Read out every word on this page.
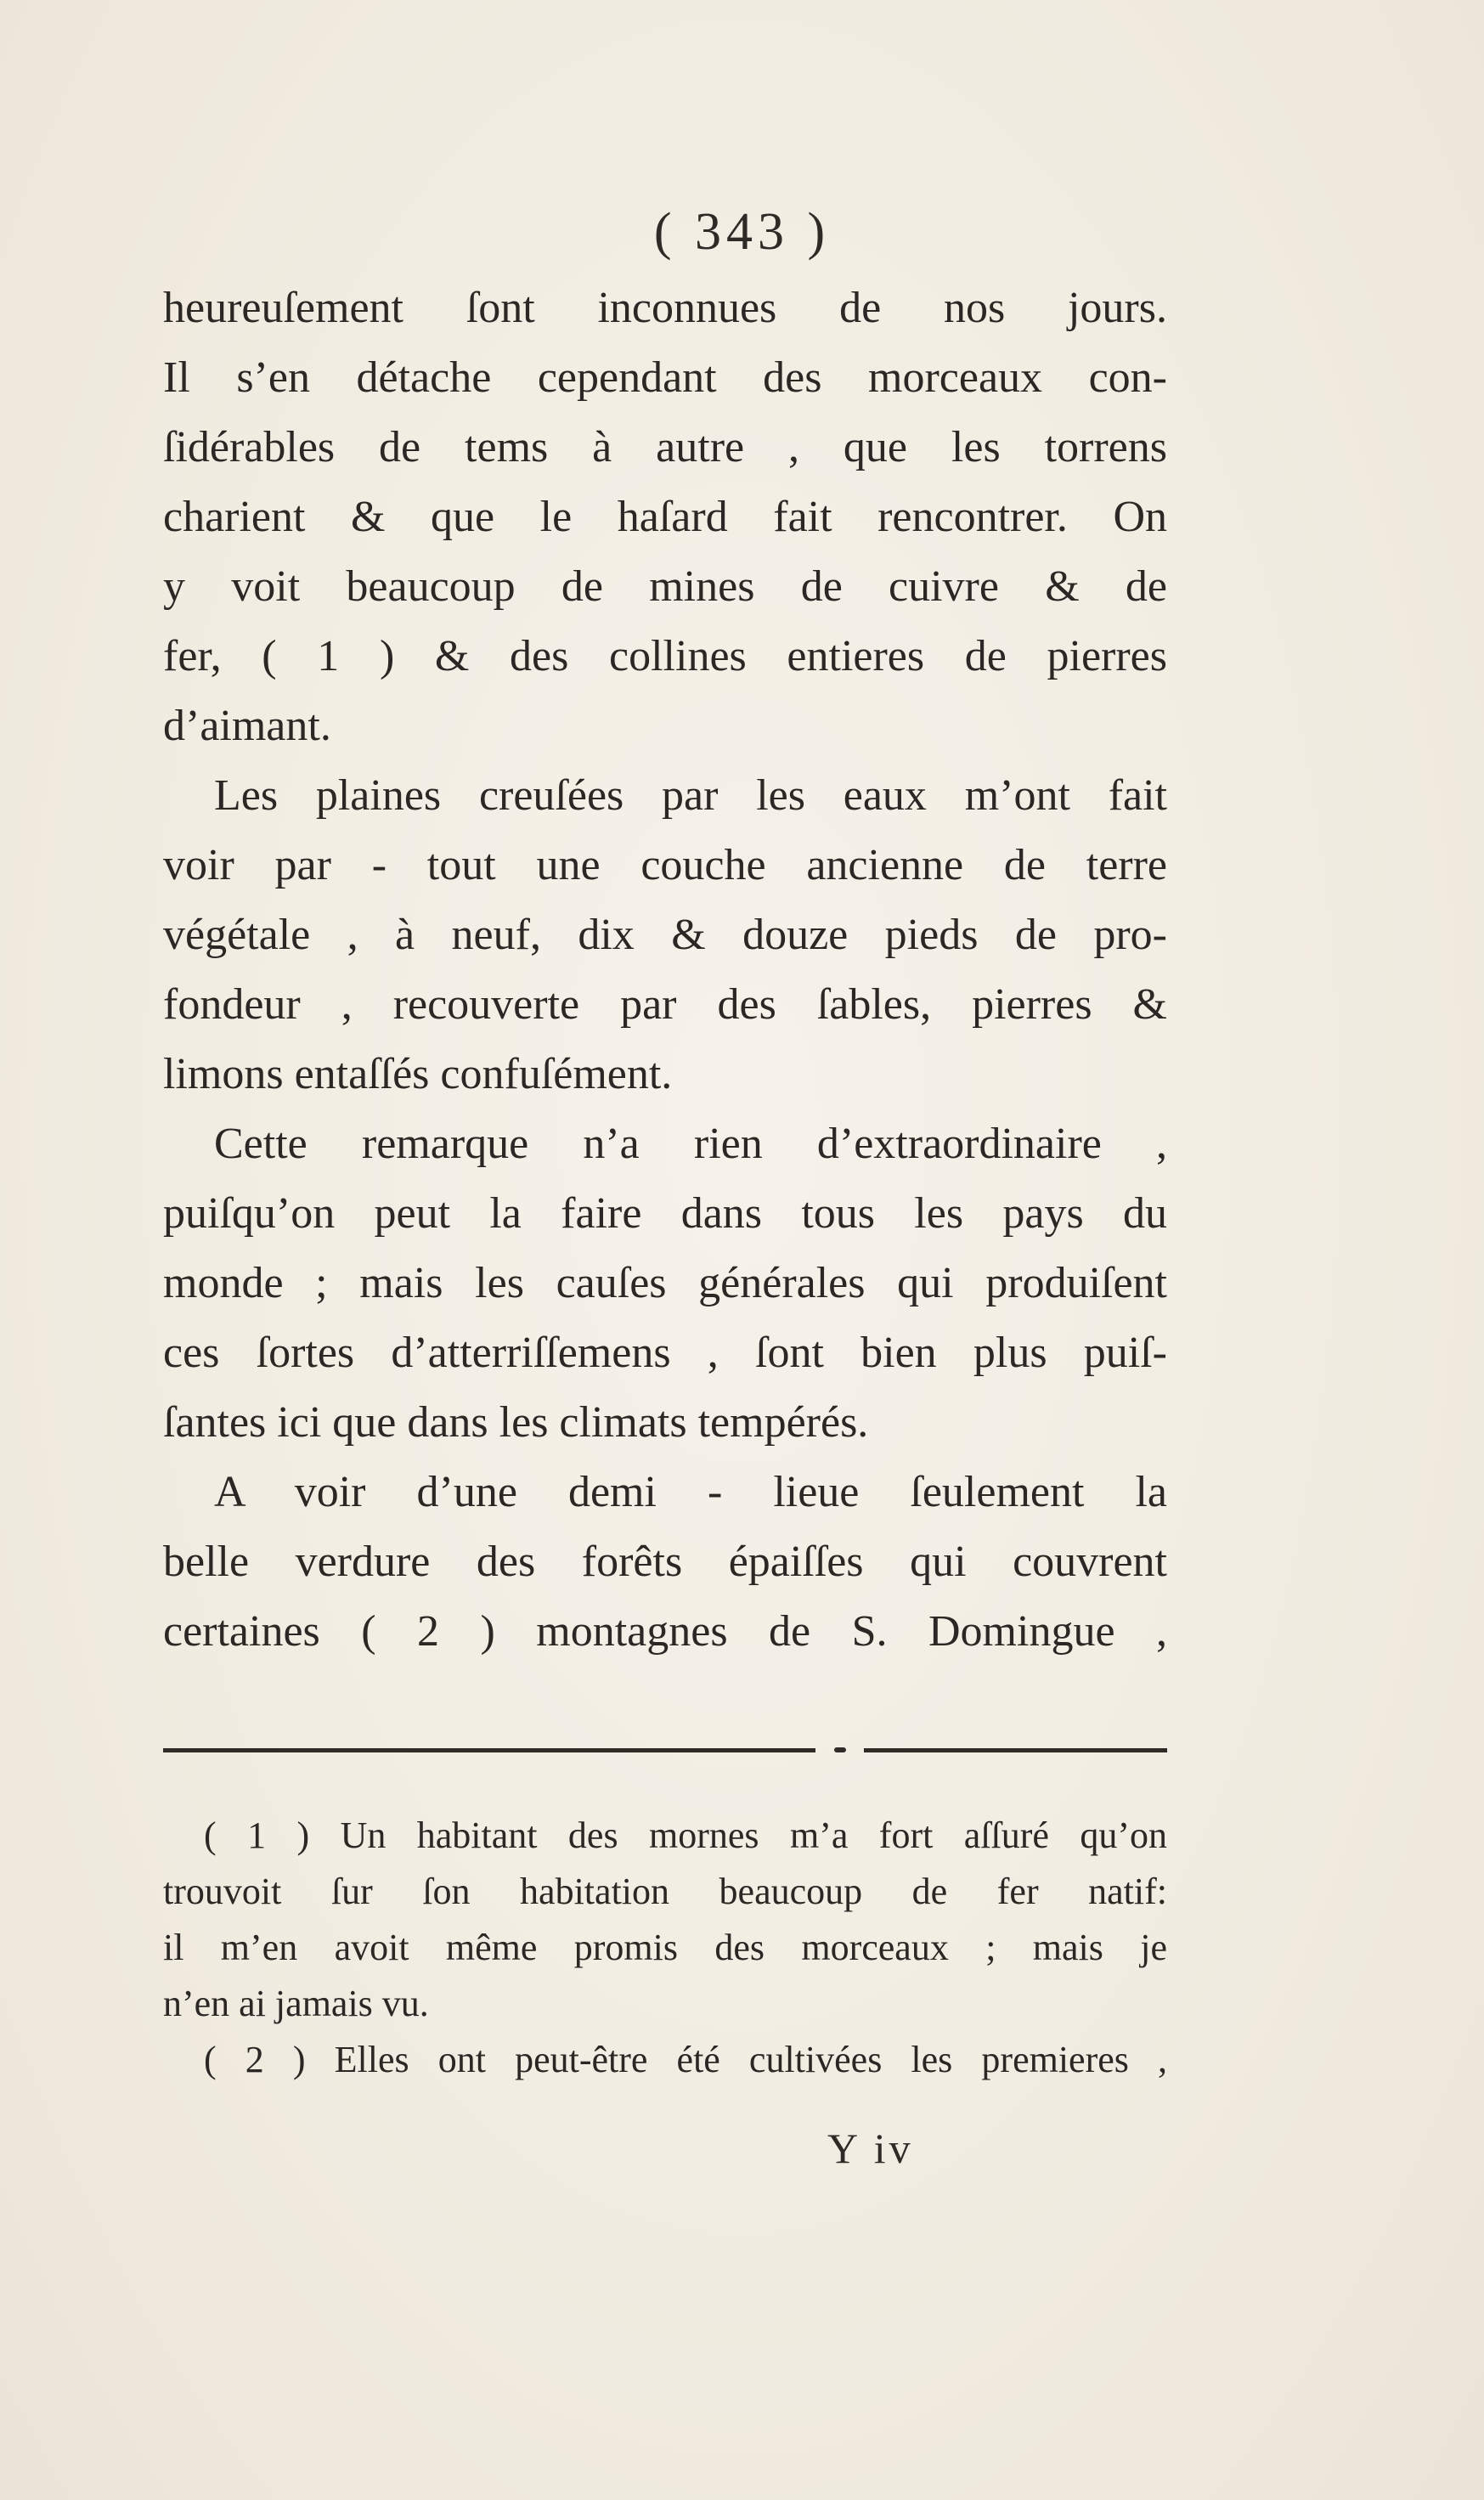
( 343 )
heureuſement ſont inconnues de nos jours.
Il s’en détache cependant des morceaux con-
ſidérables de tems à autre , que les torrens
charient & que le haſard fait rencontrer. On
y voit beaucoup de mines de cuivre & de
fer, ( 1 ) & des collines entieres de pierres
d’aimant.
Les plaines creuſées par les eaux m’ont fait
voir par - tout une couche ancienne de terre
végétale , à neuf, dix & douze pieds de pro-
fondeur , recouverte par des ſables, pierres &
limons entaſſés confuſément.
Cette remarque n’a rien d’extraordinaire ,
puiſqu’on peut la faire dans tous les pays du
monde ; mais les cauſes générales qui produiſent
ces ſortes d’atterriſſemens , ſont bien plus puiſ-
ſantes ici que dans les climats tempérés.
A voir d’une demi - lieue ſeulement la
belle verdure des forêts épaiſſes qui couvrent
certaines ( 2 ) montagnes de S. Domingue ,
( 1 ) Un habitant des mornes m’a fort aſſuré qu’on
trouvoit ſur ſon habitation beaucoup de fer natif:
il m’en avoit même promis des morceaux ; mais je
n’en ai jamais vu.
( 2 ) Elles ont peut-être été cultivées les premieres ,
Y iv
